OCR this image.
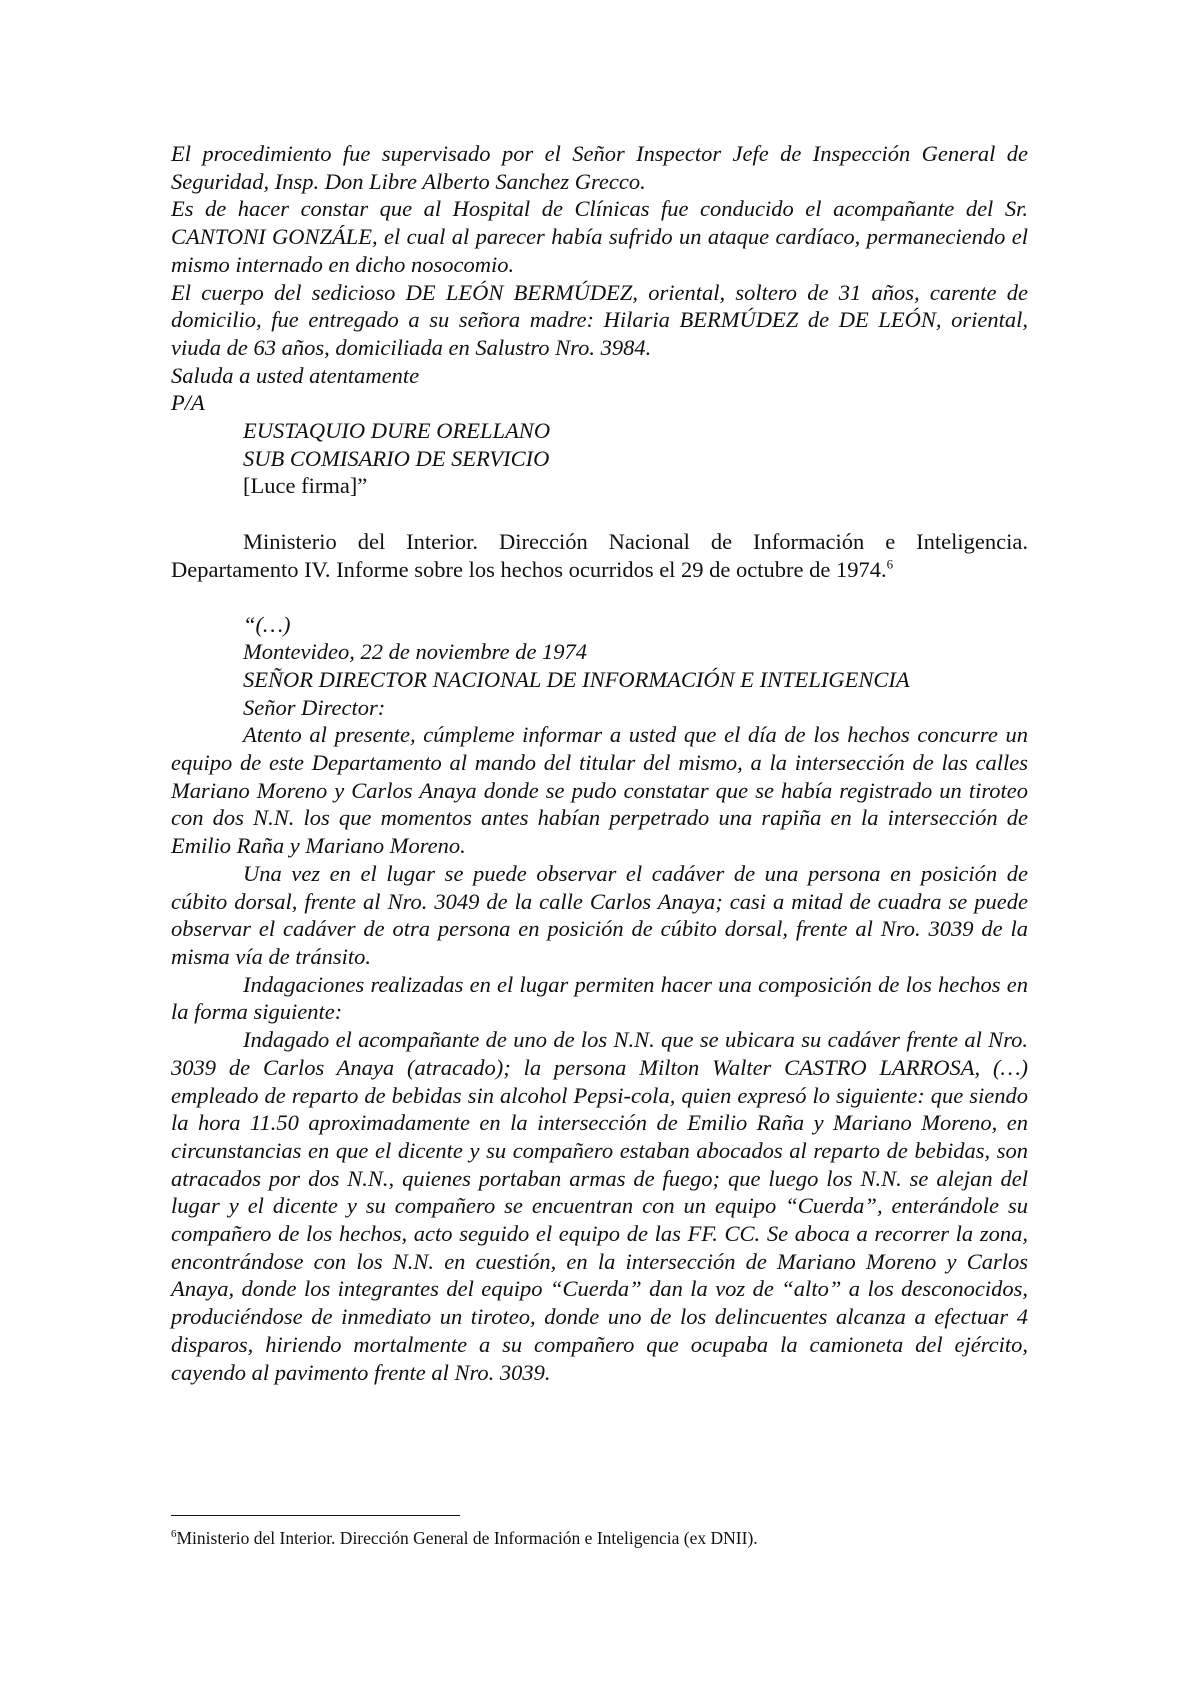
El procedimiento fue supervisado por el Señor Inspector Jefe de Inspección General de Seguridad, Insp. Don Libre Alberto Sanchez Grecco.

Es de hacer constar que al Hospital de Clínicas fue conducido el acompañante del Sr. CANTONI GONZÁLE, el cual al parecer había sufrido un ataque cardíaco, permaneciendo el mismo internado en dicho nosocomio.

El cuerpo del sedicioso DE LEÓN BERMÚDEZ, oriental, soltero de 31 años, carente de domicilio, fue entregado a su señora madre: Hilaria BERMÚDEZ de DE LEÓN, oriental, viuda de 63 años, domiciliada en Salustro Nro. 3984.

Saluda a usted atentamente

P/A

EUSTAQUIO DURE ORELLANO

SUB COMISARIO DE SERVICIO

[Luce firma]”

Ministerio del Interior. Dirección Nacional de Información e Inteligencia. Departamento IV. Informe sobre los hechos ocurridos el 29 de octubre de 1974.$^6$

“(…)

Montevideo, 22 de noviembre de 1974

SEÑOR DIRECTOR NACIONAL DE INFORMACIÓN E INTELIGENCIA

Señor Director:

Atento al presente, cúmpleme informar a usted que el día de los hechos concurre un equipo de este Departamento al mando del titular del mismo, a la intersección de las calles Mariano Moreno y Carlos Anaya donde se pudo constatar que se había registrado un tiroteo con dos N.N. los que momentos antes habían perpetrado una rapiña en la intersección de Emilio Raña y Mariano Moreno.

Una vez en el lugar se puede observar el cadáver de una persona en posición de cúbito dorsal, frente al Nro. 3049 de la calle Carlos Anaya; casi a mitad de cuadra se puede observar el cadáver de otra persona en posición de cúbito dorsal, frente al Nro. 3039 de la misma vía de tránsito.

Indagaciones realizadas en el lugar permiten hacer una composición de los hechos en la forma siguiente:

Indagado el acompañante de uno de los N.N. que se ubicara su cadáver frente al Nro. 3039 de Carlos Anaya (atracado); la persona Milton Walter CASTRO LARROSA, (…) empleado de reparto de bebidas sin alcohol Pepsi-cola, quien expresó lo siguiente: que siendo la hora 11.50 aproximadamente en la intersección de Emilio Raña y Mariano Moreno, en circunstancias en que el dicente y su compañero estaban abocados al reparto de bebidas, son atracados por dos N.N., quienes portaban armas de fuego; que luego los N.N. se alejan del lugar y el dicente y su compañero se encuentran con un equipo “Cuerda”, enterándole su compañero de los hechos, acto seguido el equipo de las FF. CC. Se aboca a recorrer la zona, encontrándose con los N.N. en cuestión, en la intersección de Mariano Moreno y Carlos Anaya, donde los integrantes del equipo “Cuerda” dan la voz de “alto” a los desconocidos, produciéndose de inmediato un tiroteo, donde uno de los delincuentes alcanza a efectuar 4 disparos, hiriendo mortalmente a su compañero que ocupaba la camioneta del ejército, cayendo al pavimento frente al Nro. 3039.

$^6$Ministerio del Interior. Dirección General de Información e Inteligencia (ex DNII).
